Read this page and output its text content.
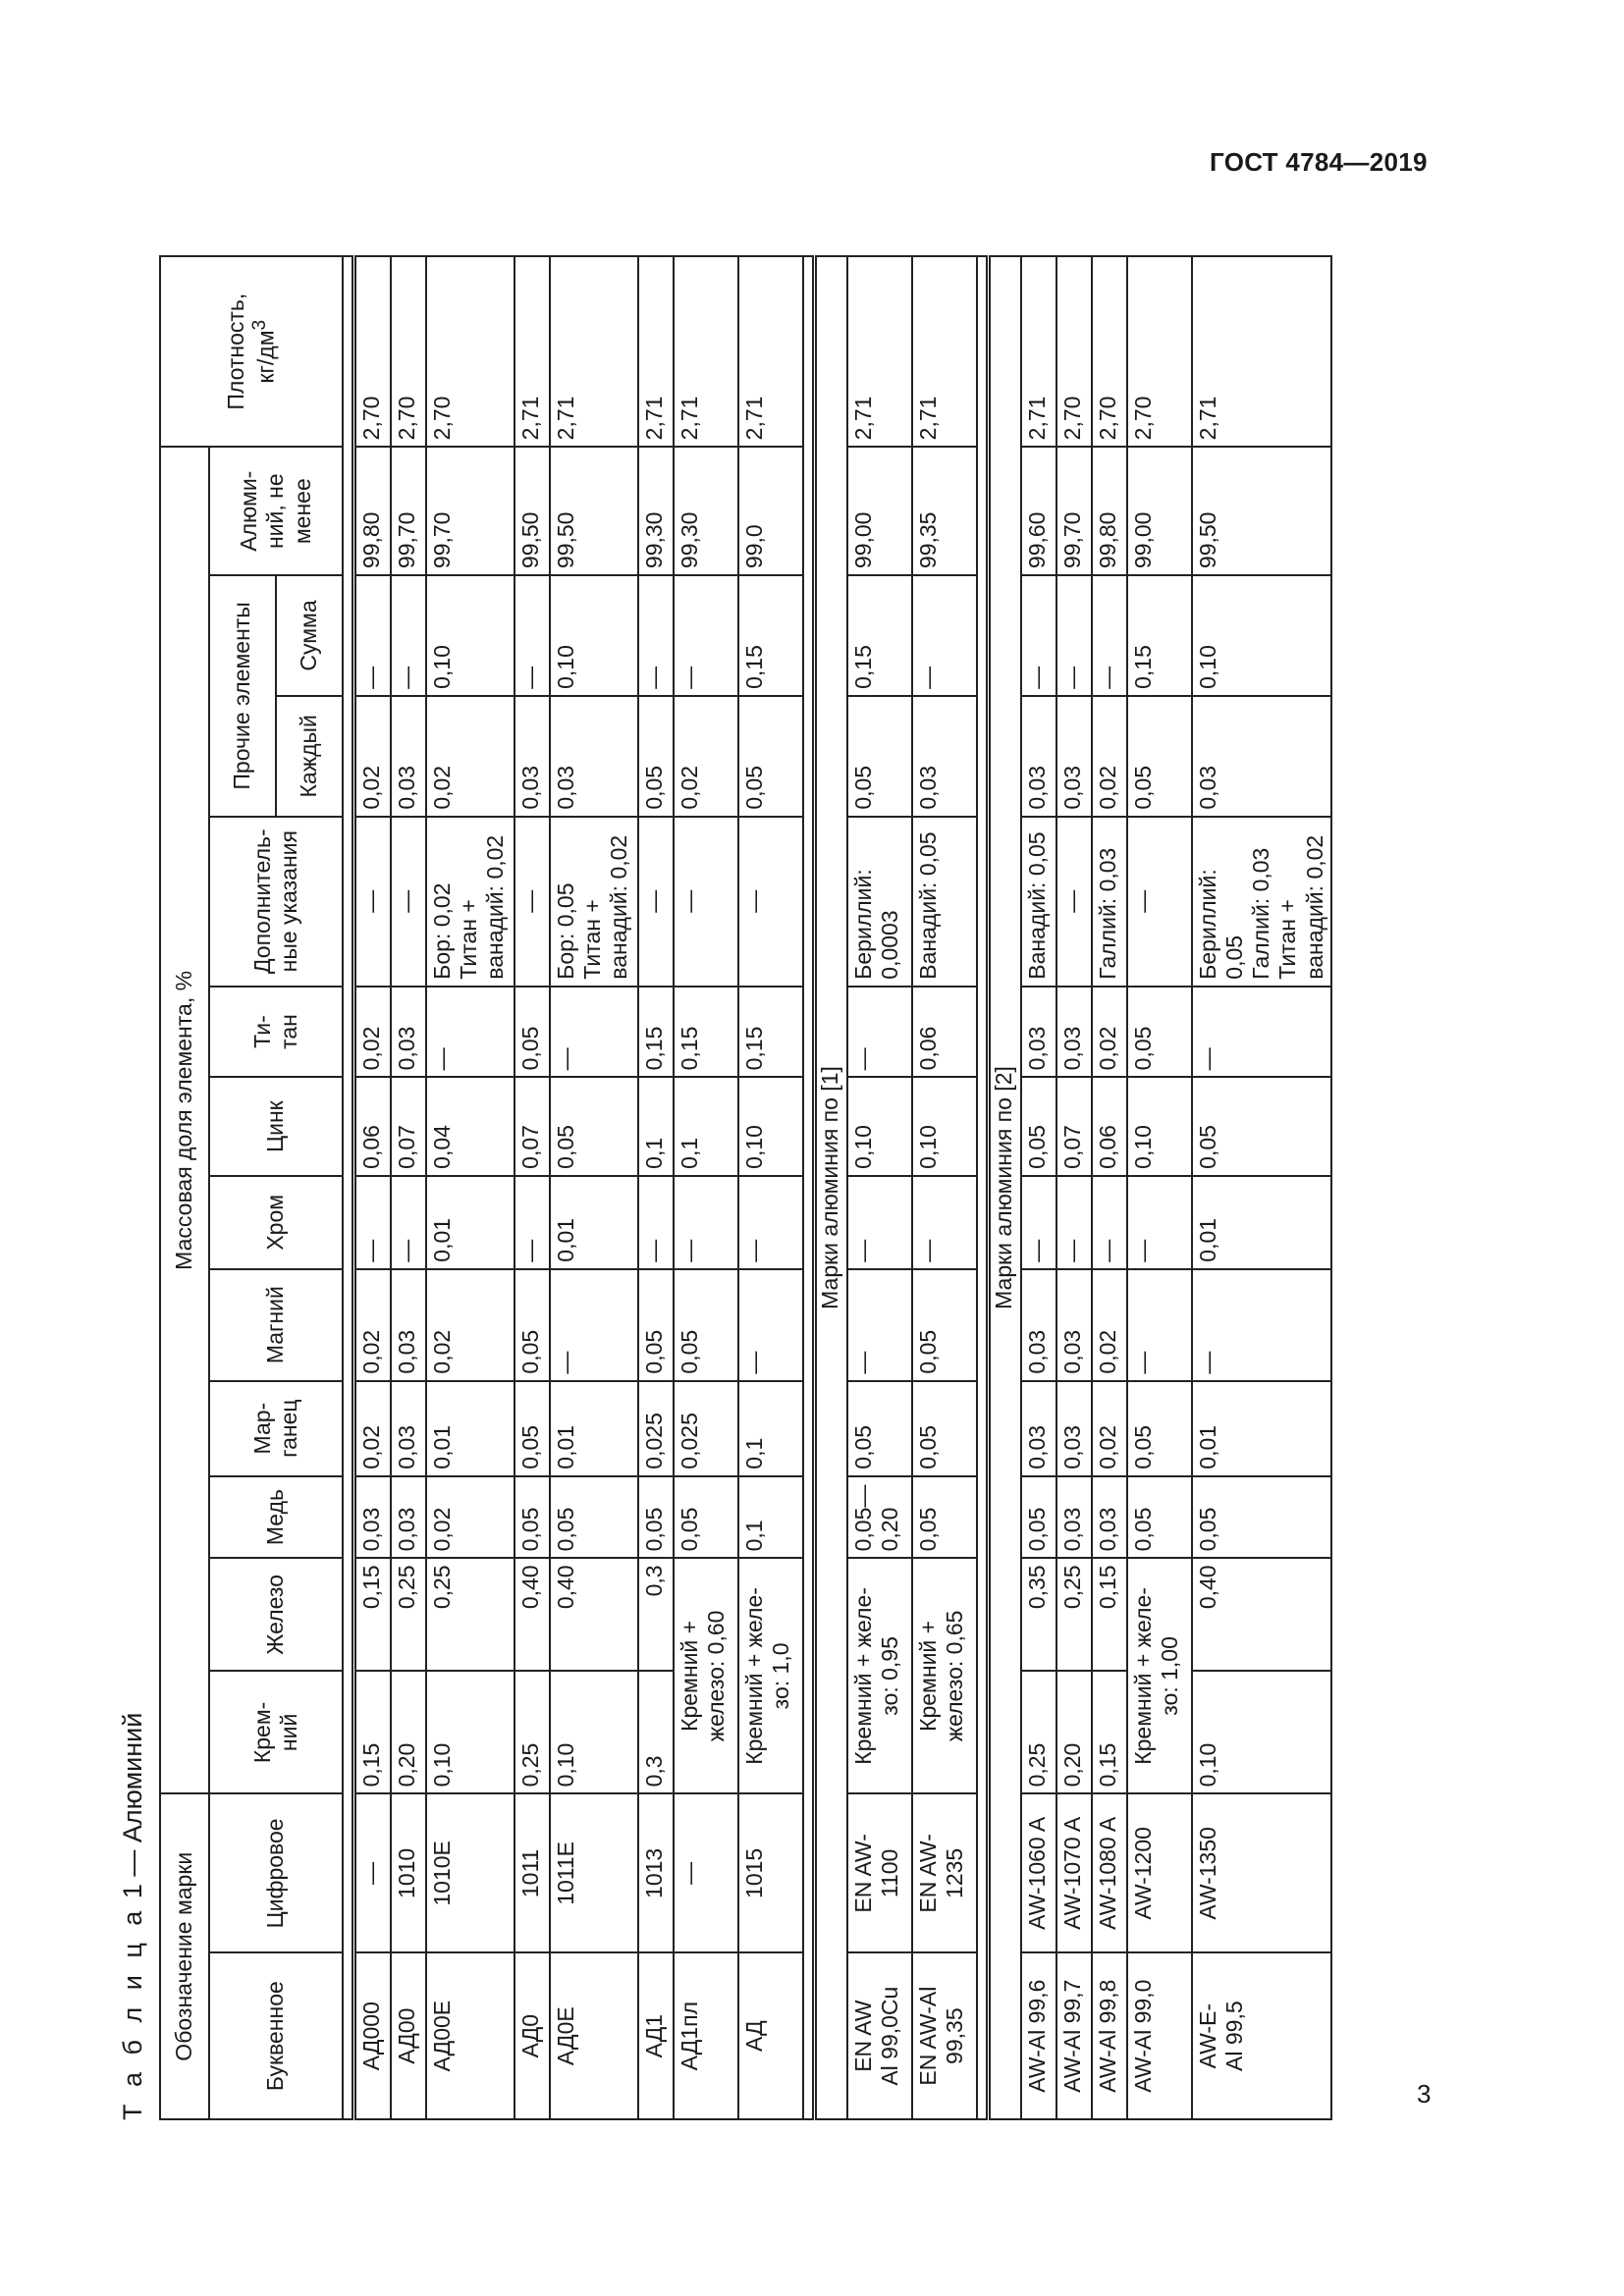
ГОСТ 4784—2019
Т а б л и ц а 1 — Алюминий
Обозначение марки		Массовая доля элемента, %												Плотность, $кг/дм^3$
Буквенное	Цифровое	Крем-
ний	Железо	Медь	Мар-
ганец	Магний	Хром	Цинк	Ти-
тан	Дополнитель-
ные указания	Прочие элементы		Алюми-
ний, не
менее	
											Каждый	Сумма		

АД000	—	0,15	0,15	0,03	0,02	0,02	—	0,06	0,02	—	0,02	—	99,80	2,70
АД00	1010	0,20	0,25	0,03	0,03	0,03	—	0,07	0,03	—	0,03	—	99,70	2,70
АД00Е	1010Е	0,10	0,25	0,02	0,01	0,02	0,01	0,04	—	Бор: 0,02
Титан +
ванадий: 0,02	0,02	0,10	99,70	2,70
АД0	1011	0,25	0,40	0,05	0,05	0,05	—	0,07	0,05	—	0,03	—	99,50	2,71
АД0Е	1011Е	0,10	0,40	0,05	0,01	—	0,01	0,05	—	Бор: 0,05
Титан +
ванадий: 0,02	0,03	0,10	99,50	2,71
АД1	1013	0,3	0,3	0,05	0,025	0,05	—	0,1	0,15	—	0,05	—	99,30	2,71
АД1пл	—	Кремний +
железо: 0,60		0,05	0,025	0,05	—	0,1	0,15	—	0,02	—	99,30	2,71
АД	1015	Кремний + желе-
зо: 1,0		0,1	0,1	—	—	0,10	0,15	—	0,05	0,15	99,0	2,71

Марки алюминия по [1]														
EN AW
Al 99,0Cu	EN AW-
1100	Кремний + желе-
зо: 0,95		0,05—
0,20	0,05	—	—	0,10	—	Бериллий:
0,0003	0,05	0,15	99,00	2,71
EN AW-Al
99,35	EN AW-
1235	Кремний +
железо: 0,65		0,05	0,05	0,05	—	0,10	0,06	Ванадий: 0,05	0,03	—	99,35	2,71

Марки алюминия по [2]														
AW-Al 99,6	AW-1060 A	0,25	0,35	0,05	0,03	0,03	—	0,05	0,03	Ванадий: 0,05	0,03	—	99,60	2,71
AW-Al 99,7	AW-1070 A	0,20	0,25	0,03	0,03	0,03	—	0,07	0,03	—	0,03	—	99,70	2,70
AW-Al 99,8	AW-1080 A	0,15	0,15	0,03	0,02	0,02	—	0,06	0,02	Галлий: 0,03	0,02	—	99,80	2,70
AW-Al 99,0	AW-1200	Кремний + желе-
зо: 1,00		0,05	0,05	—	—	0,10	0,05	—	0,05	0,15	99,00	2,70
AW-E-
Al 99,5	AW-1350	0,10	0,40	0,05	0,01	—	0,01	0,05	—	Бериллий: 0,05
Галлий: 0,03
Титан +
ванадий: 0,02	0,03	0,10	99,50	2,71
3
